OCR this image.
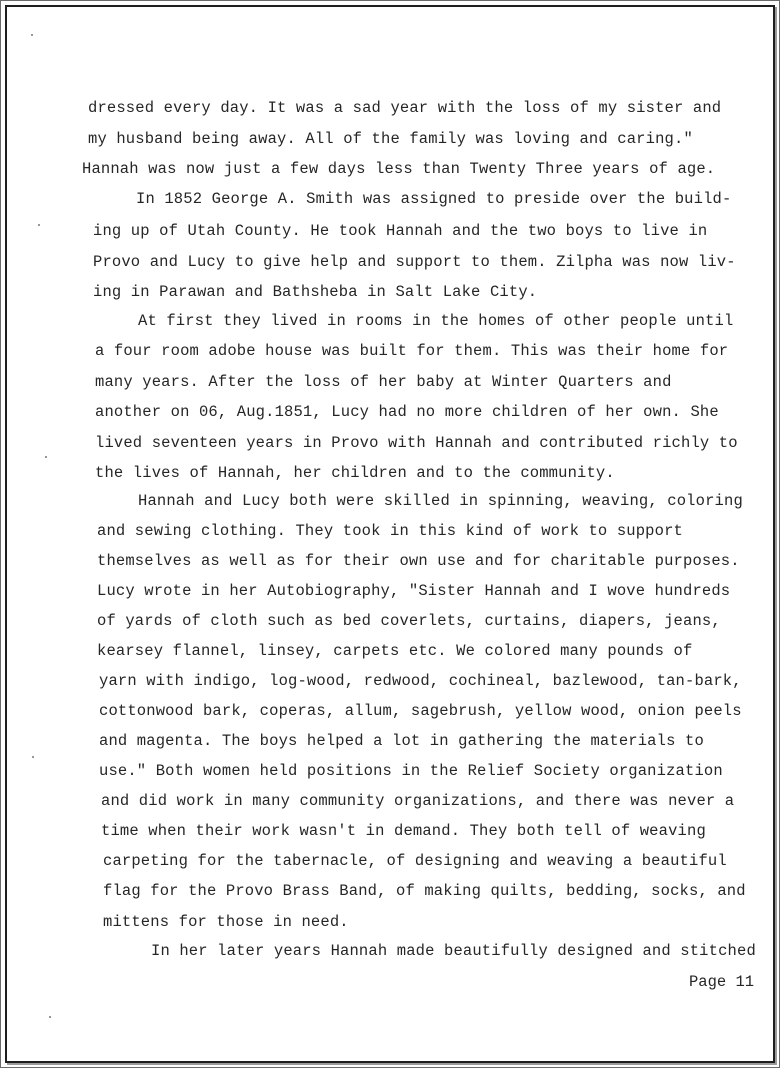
dressed every day. It was a sad year with the loss of my sister and
my husband being away. All of the family was loving and caring."
Hannah was now just a few days less than Twenty Three years of age.
In 1852 George A. Smith was assigned to preside over the build-
ing up of Utah County. He took Hannah and the two boys to live in
Provo and Lucy to give help and support to them. Zilpha was now liv-
ing in Parawan and Bathsheba in Salt Lake City.
At first they lived in rooms in the homes of other people until
a four room adobe house was built for them. This was their home for
many years. After the loss of her baby at Winter Quarters and
another on 06, Aug.1851, Lucy had no more children of her own. She
lived seventeen years in Provo with Hannah and contributed richly to
the lives of Hannah, her children and to the community.
Hannah and Lucy both were skilled in spinning, weaving, coloring
and sewing clothing. They took in this kind of work to support
themselves as well as for their own use and for charitable purposes.
Lucy wrote in her Autobiography, "Sister Hannah and I wove hundreds
of yards of cloth such as bed coverlets, curtains, diapers, jeans,
kearsey flannel, linsey, carpets etc. We colored many pounds of
yarn with indigo, log-wood, redwood, cochineal, bazlewood, tan-bark,
cottonwood bark, coperas, allum, sagebrush, yellow wood, onion peels
and magenta. The boys helped a lot in gathering the materials to
use." Both women held positions in the Relief Society organization
and did work in many community organizations, and there was never a
time when their work wasn't in demand. They both tell of weaving
carpeting for the tabernacle, of designing and weaving a beautiful
flag for the Provo Brass Band, of making quilts, bedding, socks, and
mittens for those in need.
In her later years Hannah made beautifully designed and stitched
Page 11
